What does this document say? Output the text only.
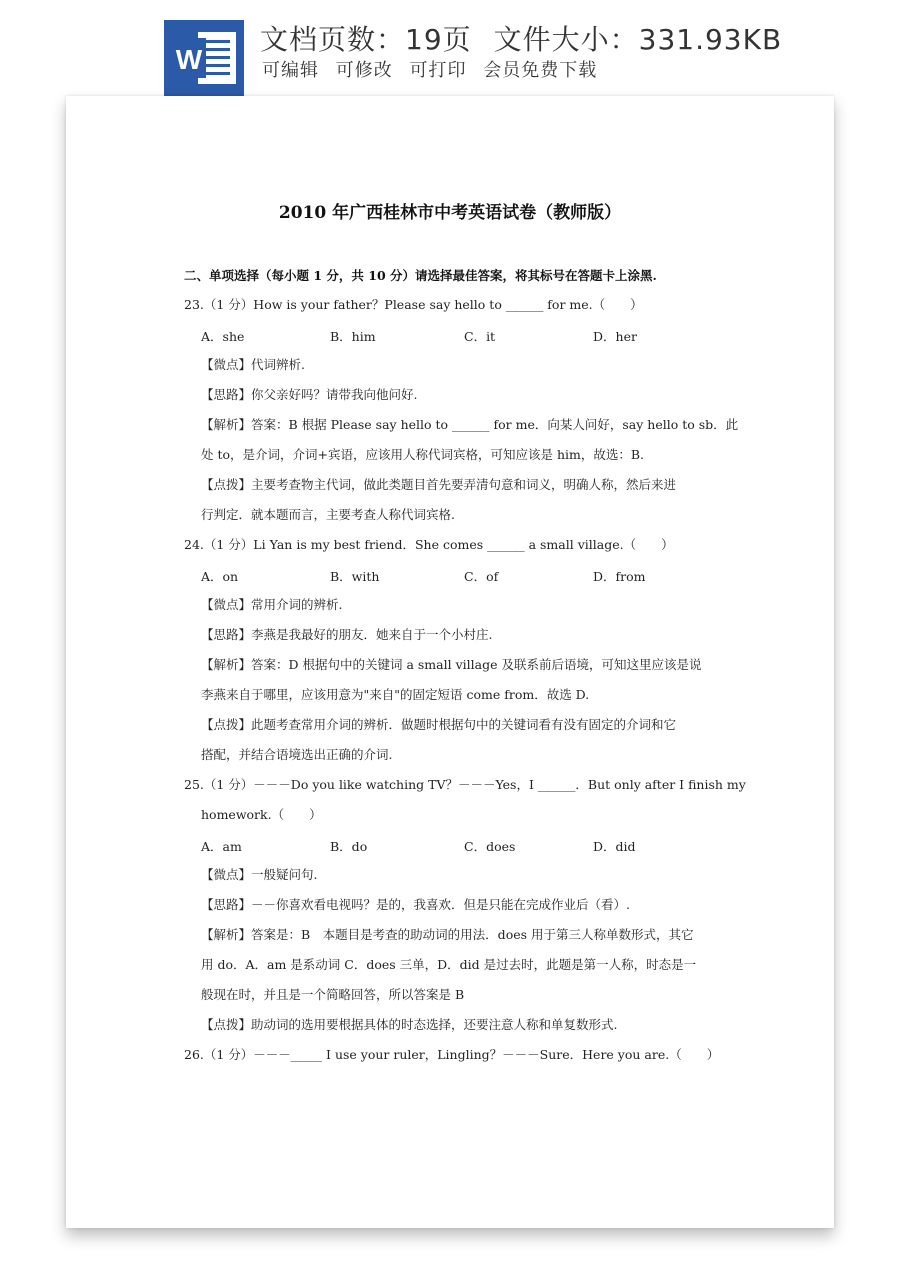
W
文档页数：19页 文件大小：331.93KB
可编辑 可修改 可打印 会员免费下载
2010 年广西桂林市中考英语试卷（教师版）
二、单项选择（每小题 1 分，共 10 分）请选择最佳答案，将其标号在答题卡上涂黑.
23.（1 分）How is your father？Please say hello to ______ for me.（　　）
A．she	B．him	C．it	D．her
【微点】代词辨析.
【思路】你父亲好吗？请带我向他问好.
【解析】答案：B 根据 Please say hello to ______ for me．向某人问好，say hello to sb．此
处 to，是介词，介词+宾语，应该用人称代词宾格，可知应该是 him，故选：B.
【点拨】主要考查物主代词，做此类题目首先要弄清句意和词义，明确人称，然后来进
行判定．就本题而言，主要考查人称代词宾格.
24.（1 分）Li Yan is my best friend．She comes ______ a small village.（　　）
A．on	B．with	C．of	D．from
【微点】常用介词的辨析.
【思路】李燕是我最好的朋友．她来自于一个小村庄.
【解析】答案：D 根据句中的关键词 a small village 及联系前后语境，可知这里应该是说
李燕来自于哪里，应该用意为"来自"的固定短语 come from．故选 D.
【点拨】此题考查常用介词的辨析．做题时根据句中的关键词看有没有固定的介词和它
搭配，并结合语境选出正确的介词.
25.（1 分）－－－Do you like watching TV？－－－Yes，I ______．But only after I finish my
homework.（　　）
A．am	B．do	C．does	D．did
【微点】一般疑问句.
【思路】－－你喜欢看电视吗？是的，我喜欢．但是只能在完成作业后（看）.
【解析】答案是：B　本题目是考查的助动词的用法．does 用于第三人称单数形式，其它
用 do．A．am 是系动词 C．does 三单，D．did 是过去时，此题是第一人称，时态是一
般现在时，并且是一个简略回答，所以答案是 B
【点拨】助动词的选用要根据具体的时态选择，还要注意人称和单复数形式.
26.（1 分）－－－_____ I use your ruler，Lingling？－－－Sure．Here you are.（　　）
